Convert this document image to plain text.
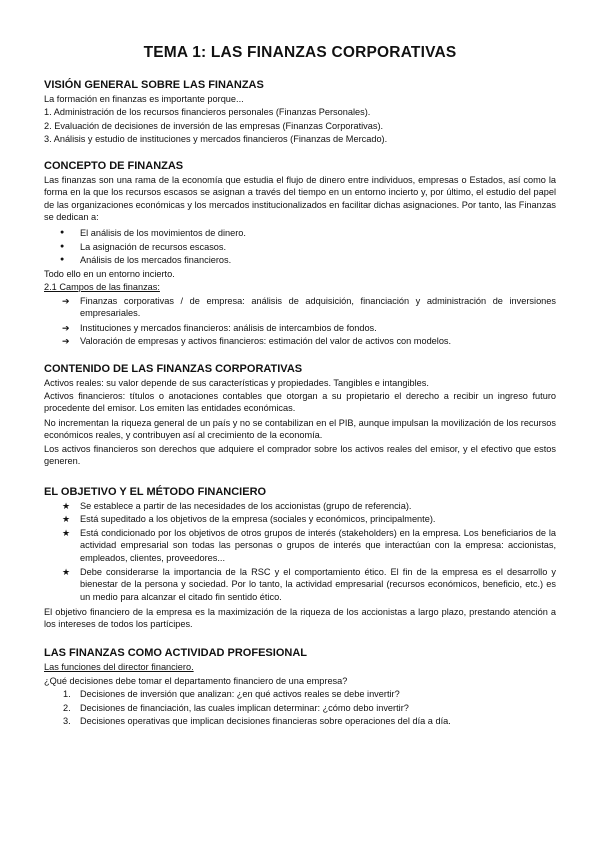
TEMA 1: LAS FINANZAS CORPORATIVAS
VISIÓN GENERAL SOBRE LAS FINANZAS

La formación en finanzas es importante porque...

1. Administración de los recursos financieros personales (Finanzas Personales).

2. Evaluación de decisiones de inversión de las empresas (Finanzas Corporativas).

3. Análisis y estudio de instituciones y mercados financieros (Finanzas de Mercado).

CONCEPTO DE FINANZAS

Las finanzas son una rama de la economía que estudia el flujo de dinero entre individuos, empresas o Estados, así como la forma en la que los recursos escasos se asignan a través del tiempo en un entorno incierto y, por último, el estudio del papel de las organizaciones económicas y los mercados institucionalizados en facilitar dichas asignaciones. Por tanto, las Finanzas se dedican a:

● El análisis de los movimientos de dinero.

● La asignación de recursos escasos.

● Análisis de los mercados financieros.

Todo ello en un entorno incierto.

2.1 Campos de las finanzas:

➔ Finanzas corporativas / de empresa: análisis de adquisición, financiación y administración de inversiones empresariales.

➔ Instituciones y mercados financieros: análisis de intercambios de fondos.

➔ Valoración de empresas y activos financieros: estimación del valor de activos con modelos.

CONTENIDO DE LAS FINANZAS CORPORATIVAS

Activos reales: su valor depende de sus características y propiedades. Tangibles e intangibles.

Activos financieros: títulos o anotaciones contables que otorgan a su propietario el derecho a recibir un ingreso futuro procedente del emisor. Los emiten las entidades económicas.

No incrementan la riqueza general de un país y no se contabilizan en el PIB, aunque impulsan la movilización de los recursos económicos reales, y contribuyen así al crecimiento de la economía.

Los activos financieros son derechos que adquiere el comprador sobre los activos reales del emisor, y el efectivo que estos generen.

EL OBJETIVO Y EL MÉTODO FINANCIERO
★ Se establece a partir de las necesidades de los accionistas (grupo de referencia).

★ Está supeditado a los objetivos de la empresa (sociales y económicos, principalmente).

★ Está condicionado por los objetivos de otros grupos de interés (stakeholders) en la empresa. Los beneficiarios de la actividad empresarial son todas las personas o grupos de interés que interactúan con la empresa: accionistas, empleados, clientes, proveedores...

★ Debe considerarse la importancia de la RSC y el comportamiento ético. El fin de la empresa es el desarrollo y bienestar de la persona y sociedad. Por lo tanto, la actividad empresarial (recursos económicos, beneficio, etc.) es un medio para alcanzar el citado fin sentido ético.

El objetivo financiero de la empresa es la maximización de la riqueza de los accionistas a largo plazo, prestando atención a los intereses de todos los partícipes.

LAS FINANZAS COMO ACTIVIDAD PROFESIONAL

Las funciones del director financiero.

¿Qué decisiones debe tomar el departamento financiero de una empresa?

1. Decisiones de inversión que analizan: ¿en qué activos reales se debe invertir?

2. Decisiones de financiación, las cuales implican determinar: ¿cómo debo invertir?

3. Decisiones operativas que implican decisiones financieras sobre operaciones del día a día.
